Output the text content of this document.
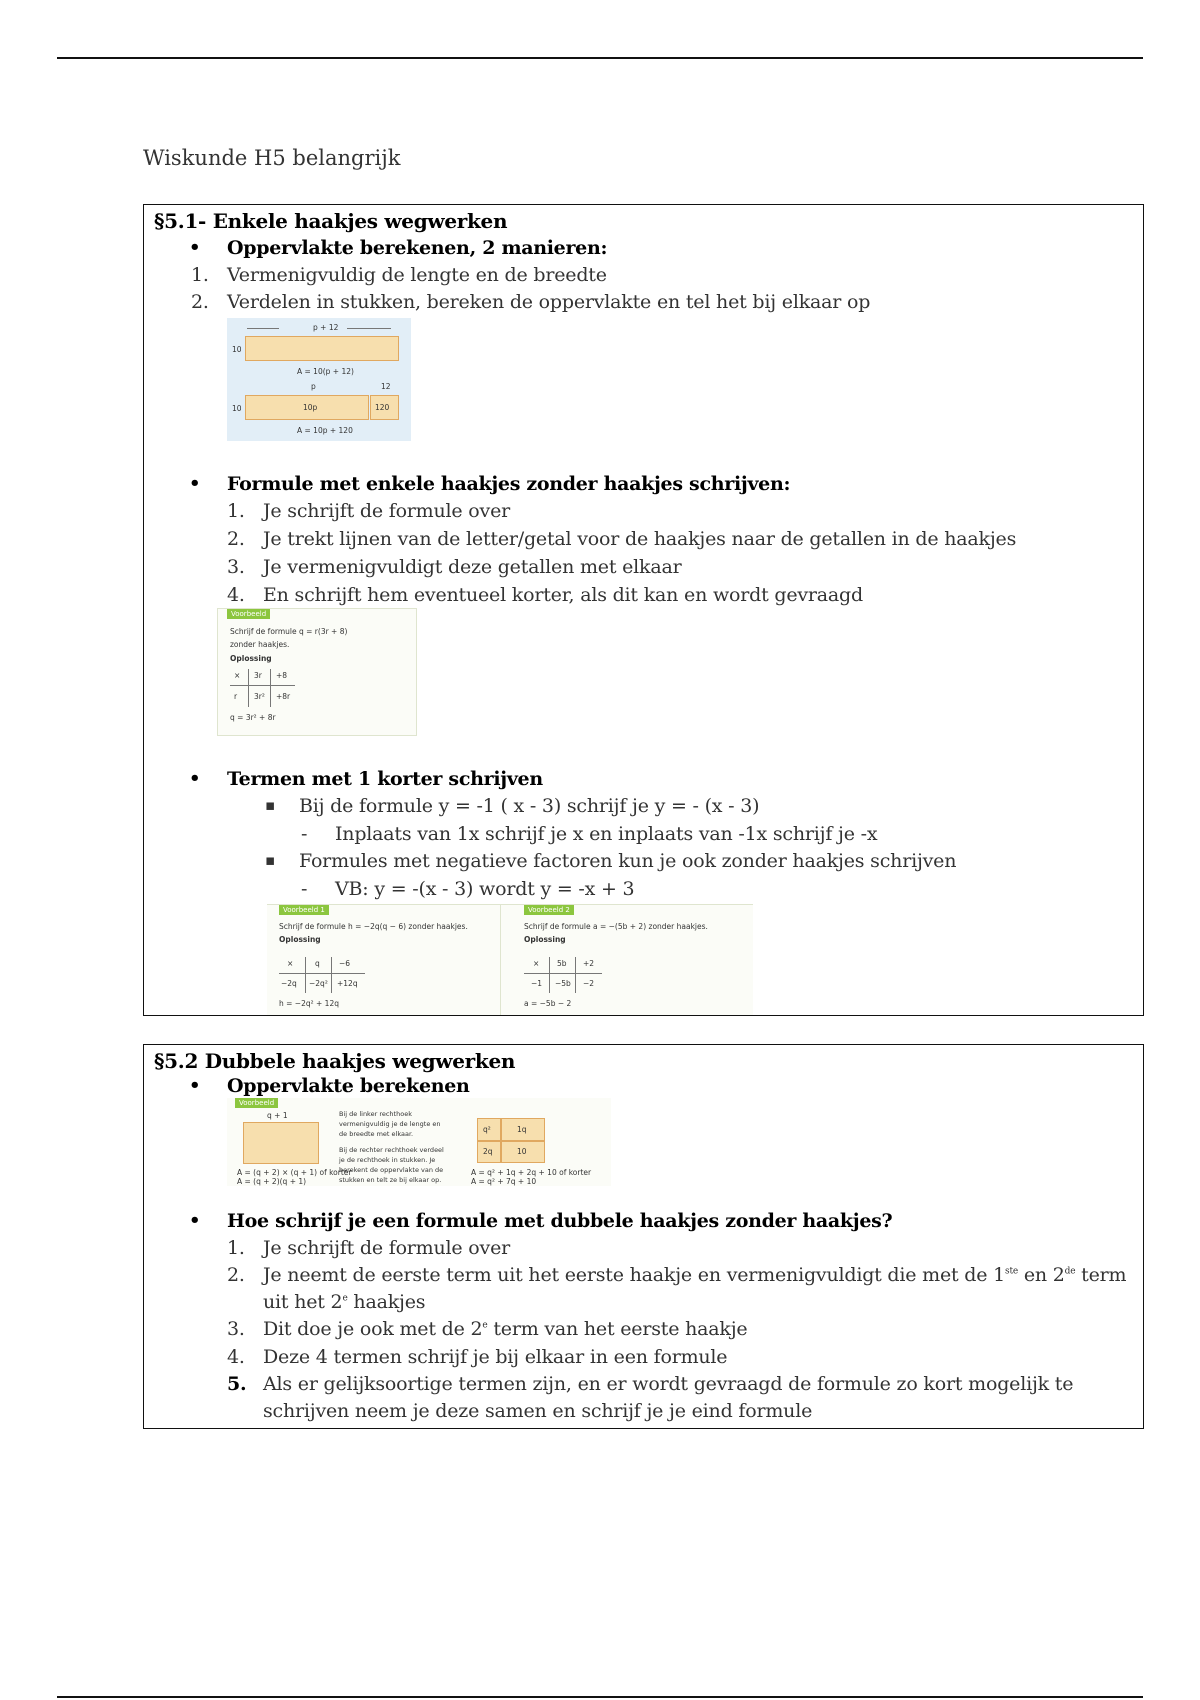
Wiskunde H5 belangrijk
§5.1- Enkele haakjes wegwerken
• Oppervlakte berekenen, 2 manieren:
1. Vermenigvuldig de lengte en de breedte
2. Verdelen in stukken, bereken de oppervlakte en tel het bij elkaar op
p + 12
10
A = 10(p + 12)
p	12
10	10p	120
A = 10p + 120
• Formule met enkele haakjes zonder haakjes schrijven:
1. Je schrijft de formule over
2. Je trekt lijnen van de letter/getal voor de haakjes naar de getallen in de haakjes
3. Je vermenigvuldigt deze getallen met elkaar
4. En schrijft hem eventueel korter, als dit kan en wordt gevraagd
Voorbeeld
Schrijf de formule q = r(3r + 8)
zonder haakjes.
Oplossing
× 3r +8
r 3r² +8r
q = 3r² + 8r
• Termen met 1 korter schrijven
▪ Bij de formule y = -1 ( x - 3) schrijf je y = - (x - 3)
- Inplaats van 1x schrijf je x en inplaats van -1x schrijf je -x
▪ Formules met negatieve factoren kun je ook zonder haakjes schrijven
- VB: y = -(x - 3) wordt y = -x + 3
Voorbeeld 1
Schrijf de formule h = −2q(q − 6) zonder haakjes.
Oplossing
×	q	−6
−2q −2q² +12q
h = −2q² + 12q
Voorbeeld 2
Schrijf de formule a = −(5b + 2) zonder haakjes.
Oplossing
× 5b +2
−1 −5b −2
a = −5b − 2
§5.2 Dubbele haakjes wegwerken
• Oppervlakte berekenen
Voorbeeld
q + 1
A = (q + 2) × (q + 1) of korter
A = (q + 2)(q + 1)
Bij de linker rechthoek
vermenigvuldig je de lengte en
de breedte met elkaar.
Bij de rechter rechthoek verdeel
je de rechthoek in stukken. Je
berekent de oppervlakte van de
stukken en telt ze bij elkaar op.
q²	1q
2q	10
A = q² + 1q + 2q + 10 of korter
A = q² + 7q + 10
• Hoe schrijf je een formule met dubbele haakjes zonder haakjes?
1. Je schrijft de formule over
2. Je neemt de eerste term uit het eerste haakje en vermenigvuldigt die met de 1ste en 2de term
uit het 2e haakjes
3. Dit doe je ook met de 2e term van het eerste haakje
4. Deze 4 termen schrijf je bij elkaar in een formule
5. Als er gelijksoortige termen zijn, en er wordt gevraagd de formule zo kort mogelijk te
schrijven neem je deze samen en schrijf je je eind formule
